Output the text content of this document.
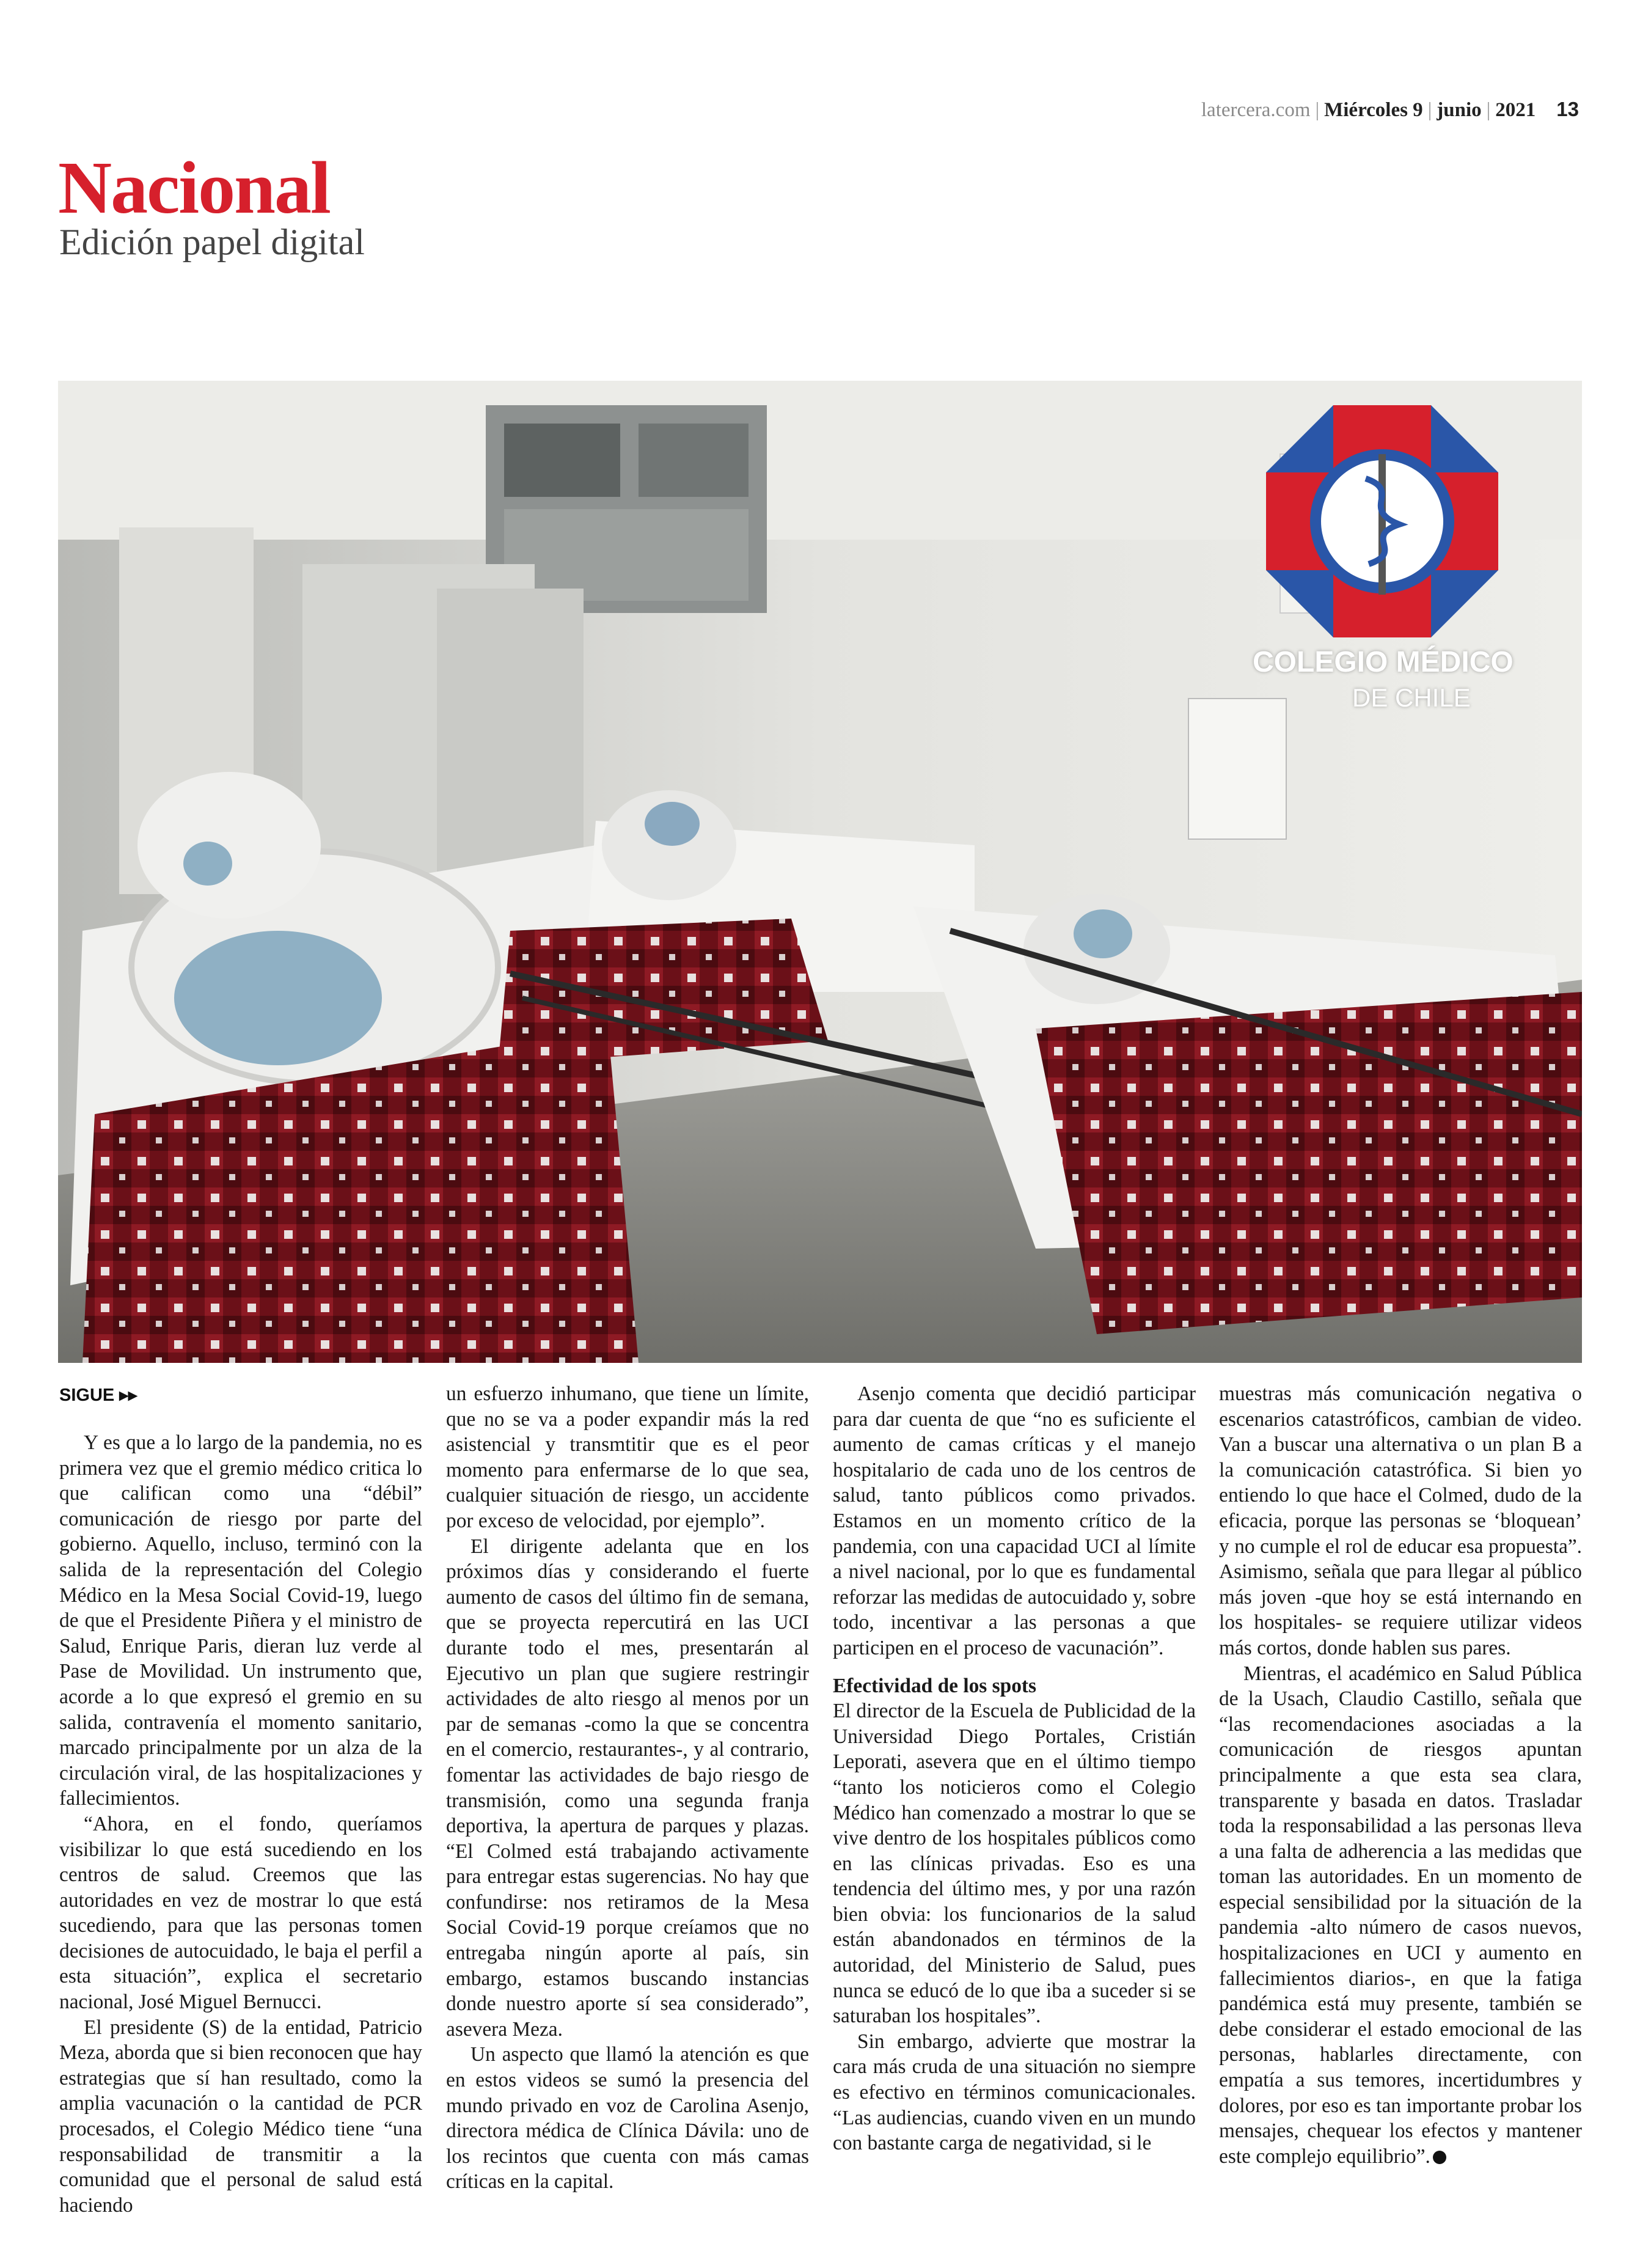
latercera.com | Miércoles 9 | junio | 2021 13
Nacional
Edición papel digital
COLEGIO MÉDICO
DE CHILE
SIGUE ▸▸

Y es que a lo largo de la pandemia, no es primera vez que el gremio médico critica lo que califican como una “débil” comunicación de riesgo por parte del gobierno. Aquello, incluso, terminó con la salida de la representación del Colegio Médico en la Mesa Social Covid-19, luego de que el Presidente Piñera y el ministro de Salud, Enrique Paris, dieran luz verde al Pase de Movilidad. Un instrumento que, acorde a lo que expresó el gremio en su salida, contravenía el momento sanitario, marcado principalmente por un alza de la circulación viral, de las hospitalizaciones y fallecimientos.

“Ahora, en el fondo, queríamos visibilizar lo que está sucediendo en los centros de salud. Creemos que las autoridades en vez de mostrar lo que está sucediendo, para que las personas tomen decisiones de autocuidado, le baja el perfil a esta situación”, explica el secretario nacional, José Miguel Bernucci.

El presidente (S) de la entidad, Patricio Meza, aborda que si bien reconocen que hay estrategias que sí han resultado, como la amplia vacunación o la cantidad de PCR procesados, el Colegio Médico tiene “una responsabilidad de transmitir a la comunidad que el personal de salud está haciendo

un esfuerzo inhumano, que tiene un límite, que no se va a poder expandir más la red asistencial y transmtitir que es el peor momento para enfermarse de lo que sea, cualquier situación de riesgo, un accidente por exceso de velocidad, por ejemplo”.

El dirigente adelanta que en los próximos días y considerando el fuerte aumento de casos del último fin de semana, que se proyecta repercutirá en las UCI durante todo el mes, presentarán al Ejecutivo un plan que sugiere restringir actividades de alto riesgo al menos por un par de semanas -como la que se concentra en el comercio, restaurantes-, y al contrario, fomentar las actividades de bajo riesgo de transmisión, como una segunda franja deportiva, la apertura de parques y plazas. “El Colmed está trabajando activamente para entregar estas sugerencias. No hay que confundirse: nos retiramos de la Mesa Social Covid-19 porque creíamos que no entregaba ningún aporte al país, sin embargo, estamos buscando instancias donde nuestro aporte sí sea considerado”, asevera Meza.

Un aspecto que llamó la atención es que en estos videos se sumó la presencia del mundo privado en voz de Carolina Asenjo, directora médica de Clínica Dávila: uno de los recintos que cuenta con más camas críticas en la capital.

Asenjo comenta que decidió participar para dar cuenta de que “no es suficiente el aumento de camas críticas y el manejo hospitalario de cada uno de los centros de salud, tanto públicos como privados. Estamos en un momento crítico de la pandemia, con una capacidad UCI al límite a nivel nacional, por lo que es fundamental reforzar las medidas de autocuidado y, sobre todo, incentivar a las personas a que participen en el proceso de vacunación”.

Efectividad de los spots

El director de la Escuela de Publicidad de la Universidad Diego Portales, Cristián Leporati, asevera que en el último tiempo “tanto los noticieros como el Colegio Médico han comenzado a mostrar lo que se vive dentro de los hospitales públicos como en las clínicas privadas. Eso es una tendencia del último mes, y por una razón bien obvia: los funcionarios de la salud están abandonados en términos de la autoridad, del Ministerio de Salud, pues nunca se educó de lo que iba a suceder si se saturaban los hospitales”.

Sin embargo, advierte que mostrar la cara más cruda de una situación no siempre es efectivo en términos comunicacionales. “Las audiencias, cuando viven en un mundo con bastante carga de negatividad, si le

muestras más comunicación negativa o escenarios catastróficos, cambian de video. Van a buscar una alternativa o un plan B a la comunicación catastrófica. Si bien yo entiendo lo que hace el Colmed, dudo de la eficacia, porque las personas se ‘bloquean’ y no cumple el rol de educar esa propuesta”. Asimismo, señala que para llegar al público más joven -que hoy se está internando en los hospitales- se requiere utilizar videos más cortos, donde hablen sus pares.

Mientras, el académico en Salud Pública de la Usach, Claudio Castillo, señala que “las recomendaciones asociadas a la comunicación de riesgos apuntan principalmente a que esta sea clara, transparente y basada en datos. Trasladar toda la responsabilidad a las personas lleva a una falta de adherencia a las medidas que toman las autoridades. En un momento de especial sensibilidad por la situación de la pandemia -alto número de casos nuevos, hospitalizaciones en UCI y aumento en fallecimientos diarios-, en que la fatiga pandémica está muy presente, también se debe considerar el estado emocional de las personas, hablarles directamente, con empatía a sus temores, incertidumbres y dolores, por eso es tan importante probar los mensajes, chequear los efectos y mantener este complejo equilibrio”.
